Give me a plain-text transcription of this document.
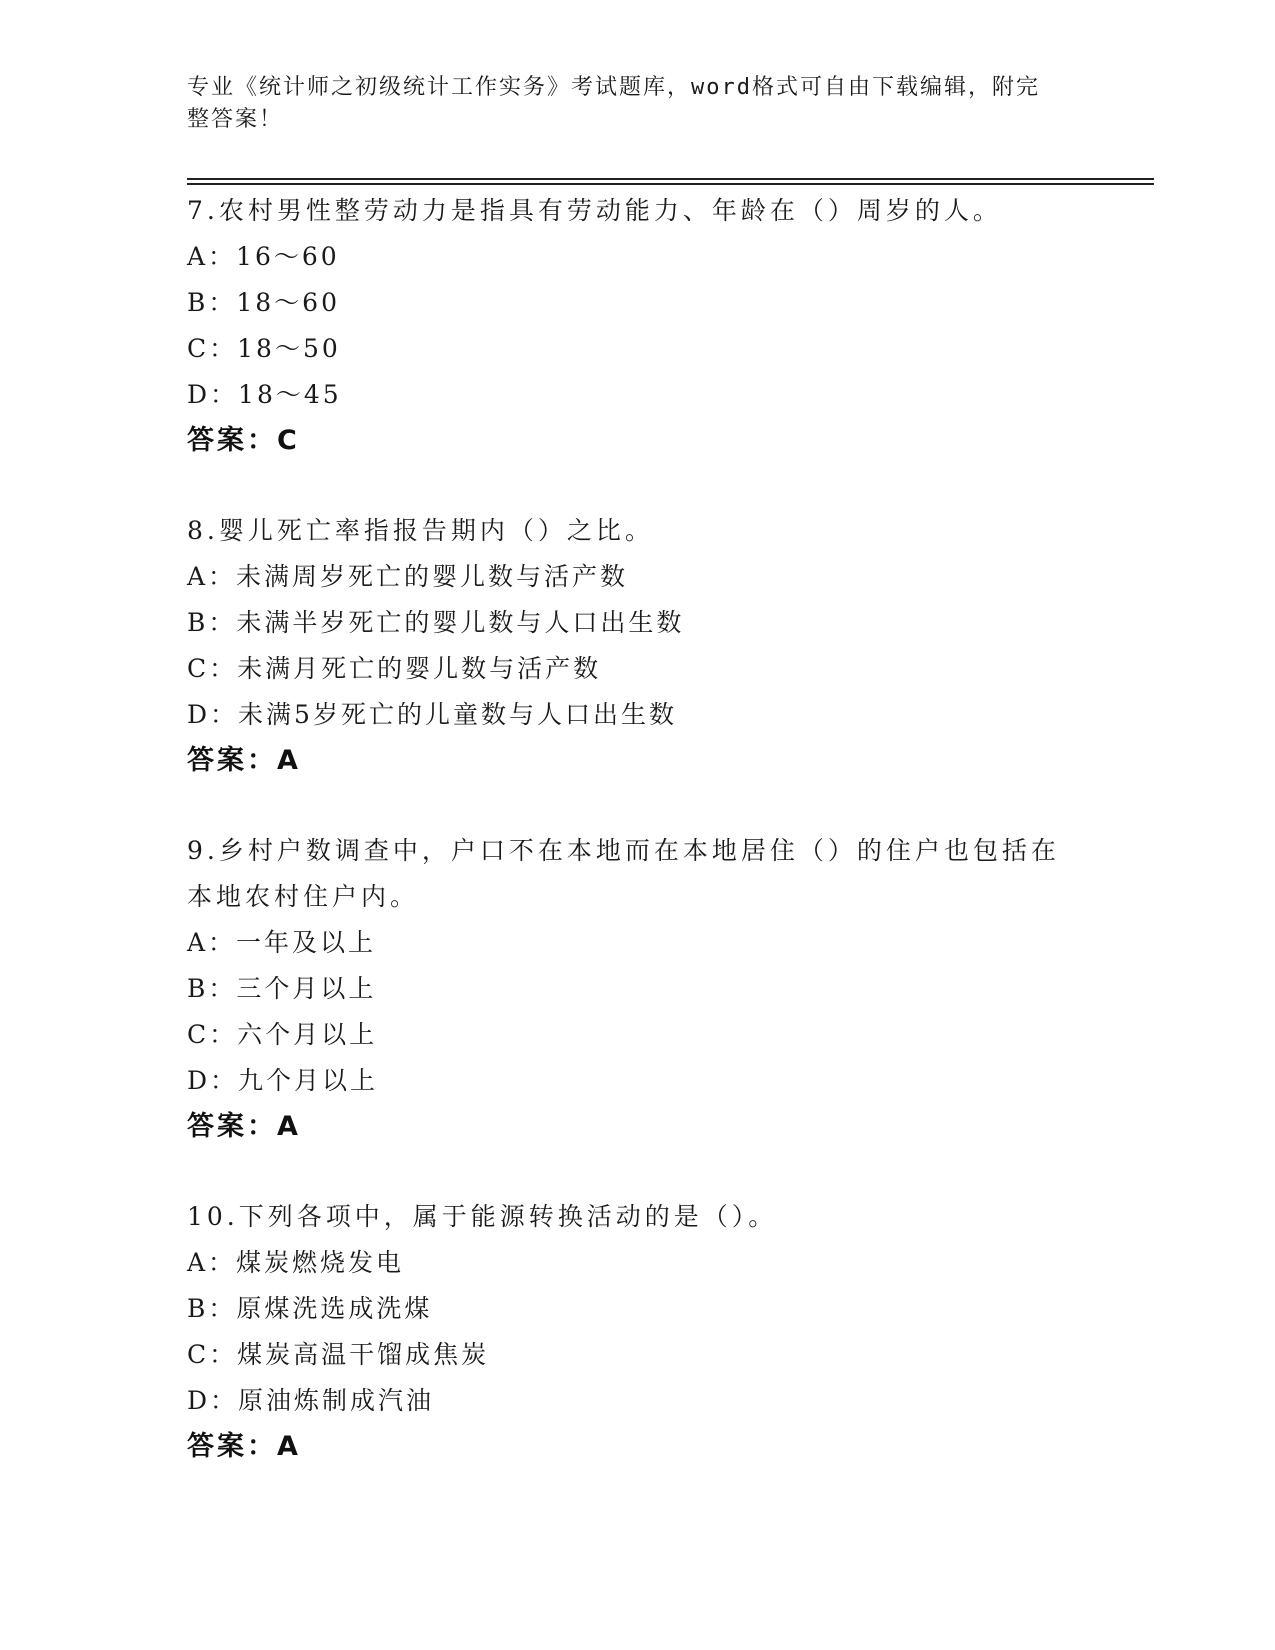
专业《统计师之初级统计工作实务》考试题库，word格式可自由下载编辑，附完
整答案！
7.农村男性整劳动力是指具有劳动能力、年龄在（）周岁的人。
A：16～60
B：18～60
C：18～50
D：18～45
答案：C
8.婴儿死亡率指报告期内（）之比。
A：未满周岁死亡的婴儿数与活产数
B：未满半岁死亡的婴儿数与人口出生数
C：未满月死亡的婴儿数与活产数
D：未满5岁死亡的儿童数与人口出生数
答案：A
9.乡村户数调查中，户口不在本地而在本地居住（）的住户也包括在本地农村住户内。
A：一年及以上
B：三个月以上
C：六个月以上
D：九个月以上
答案：A
10.下列各项中，属于能源转换活动的是（）。
A：煤炭燃烧发电
B：原煤洗选成洗煤
C：煤炭高温干馏成焦炭
D：原油炼制成汽油
答案：A
